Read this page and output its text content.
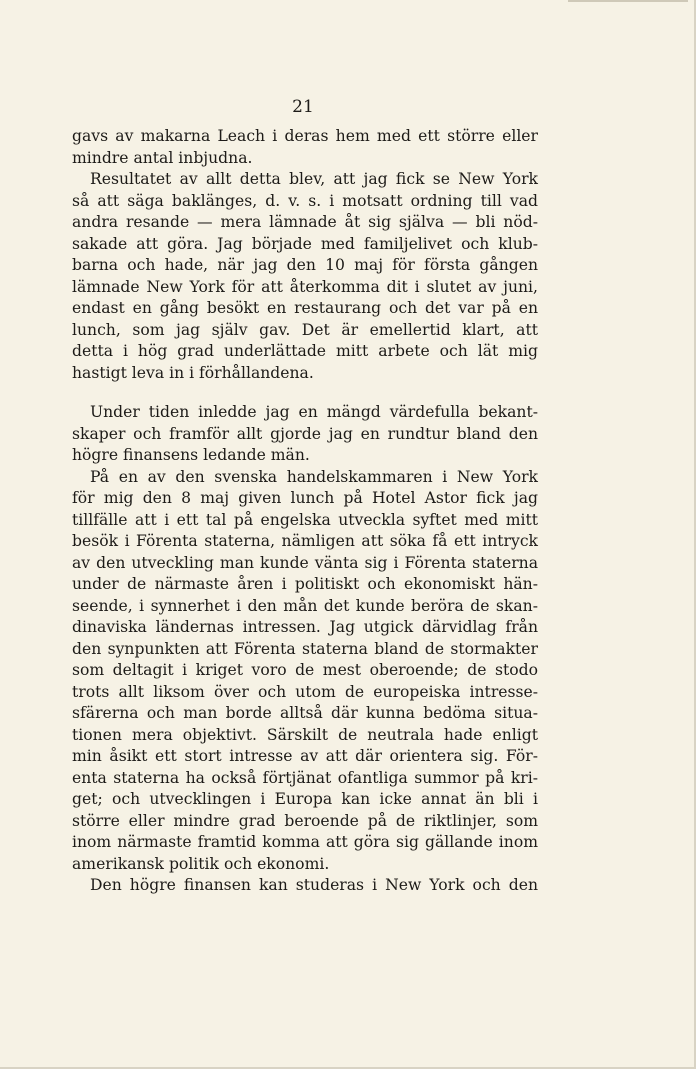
21
gavs av makarna Leach i deras hem med ett större eller
mindre antal inbjudna.
Resultatet av allt detta blev, att jag fick se New York
så att säga baklänges, d. v. s. i motsatt ordning till vad
andra resande — mera lämnade åt sig själva — bli nöd-
sakade att göra. Jag började med familjelivet och klub-
barna och hade, när jag den 10 maj för första gången
lämnade New York för att återkomma dit i slutet av juni,
endast en gång besökt en restaurang och det var på en
lunch, som jag själv gav. Det är emellertid klart, att
detta i hög grad underlättade mitt arbete och lät mig
hastigt leva in i förhållandena.
Under tiden inledde jag en mängd värdefulla bekant-
skaper och framför allt gjorde jag en rundtur bland den
högre finansens ledande män.
På en av den svenska handelskammaren i New York
för mig den 8 maj given lunch på Hotel Astor fick jag
tillfälle att i ett tal på engelska utveckla syftet med mitt
besök i Förenta staterna, nämligen att söka få ett intryck
av den utveckling man kunde vänta sig i Förenta staterna
under de närmaste åren i politiskt och ekonomiskt hän-
seende, i synnerhet i den mån det kunde beröra de skan-
dinaviska ländernas intressen. Jag utgick därvidlag från
den synpunkten att Förenta staterna bland de stormakter
som deltagit i kriget voro de mest oberoende; de stodo
trots allt liksom över och utom de europeiska intresse-
sfärerna och man borde alltså där kunna bedöma situa-
tionen mera objektivt. Särskilt de neutrala hade enligt
min åsikt ett stort intresse av att där orientera sig. För-
enta staterna ha också förtjänat ofantliga summor på kri-
get; och utvecklingen i Europa kan icke annat än bli i
större eller mindre grad beroende på de riktlinjer, som
inom närmaste framtid komma att göra sig gällande inom
amerikansk politik och ekonomi.
Den högre finansen kan studeras i New York och den
